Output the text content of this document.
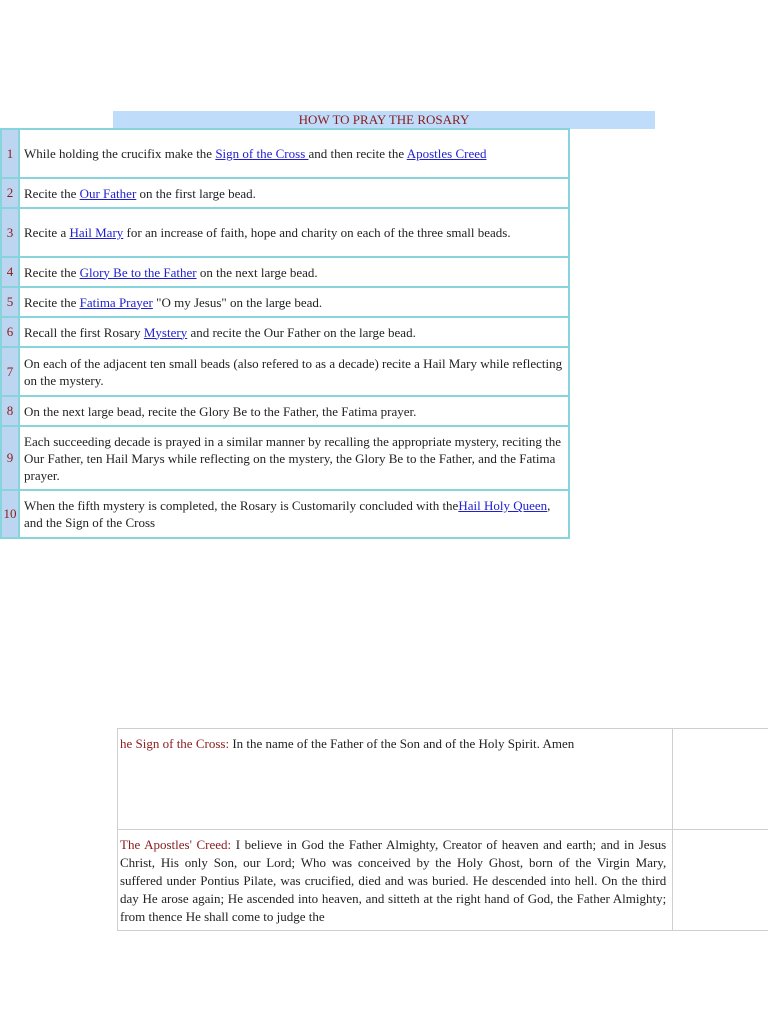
HOW TO PRAY THE ROSARY
1	While holding the crucifix make the Sign of the Cross and then recite the Apostles Creed
2	Recite the Our Father on the first large bead.
3	Recite a Hail Mary for an increase of faith, hope and charity on each of the three small beads.
4	Recite the Glory Be to the Father on the next large bead.
5	Recite the Fatima Prayer "O my Jesus" on the large bead.
6	Recall the first Rosary Mystery and recite the Our Father on the large bead.
7	On each of the adjacent ten small beads (also refered to as a decade) recite a Hail Mary while reflecting on the mystery.
8	On the next large bead, recite the Glory Be to the Father, the Fatima prayer.
9	Each succeeding decade is prayed in a similar manner by recalling the appropriate mystery, reciting the Our Father, ten Hail Marys while reflecting on the mystery, the Glory Be to the Father, and the Fatima prayer.
10	When the fifth mystery is completed, the Rosary is Customarily concluded with theHail Holy Queen, and the Sign of the Cross
he Sign of the Cross: In the name of the Father of the Son and of the Holy Spirit. Amen	

The Apostles' Creed: I believe in God the Father Almighty, Creator of heaven and earth; and in Jesus Christ, His only Son, our Lord; Who was conceived by the Holy Ghost, born of the Virgin Mary, suffered under Pontius Pilate, was crucified, died and was buried. He descended into hell. On the third day He arose again; He ascended into heaven, and sitteth at the right hand of God, the Father Almighty; from thence He shall come to judge the	
